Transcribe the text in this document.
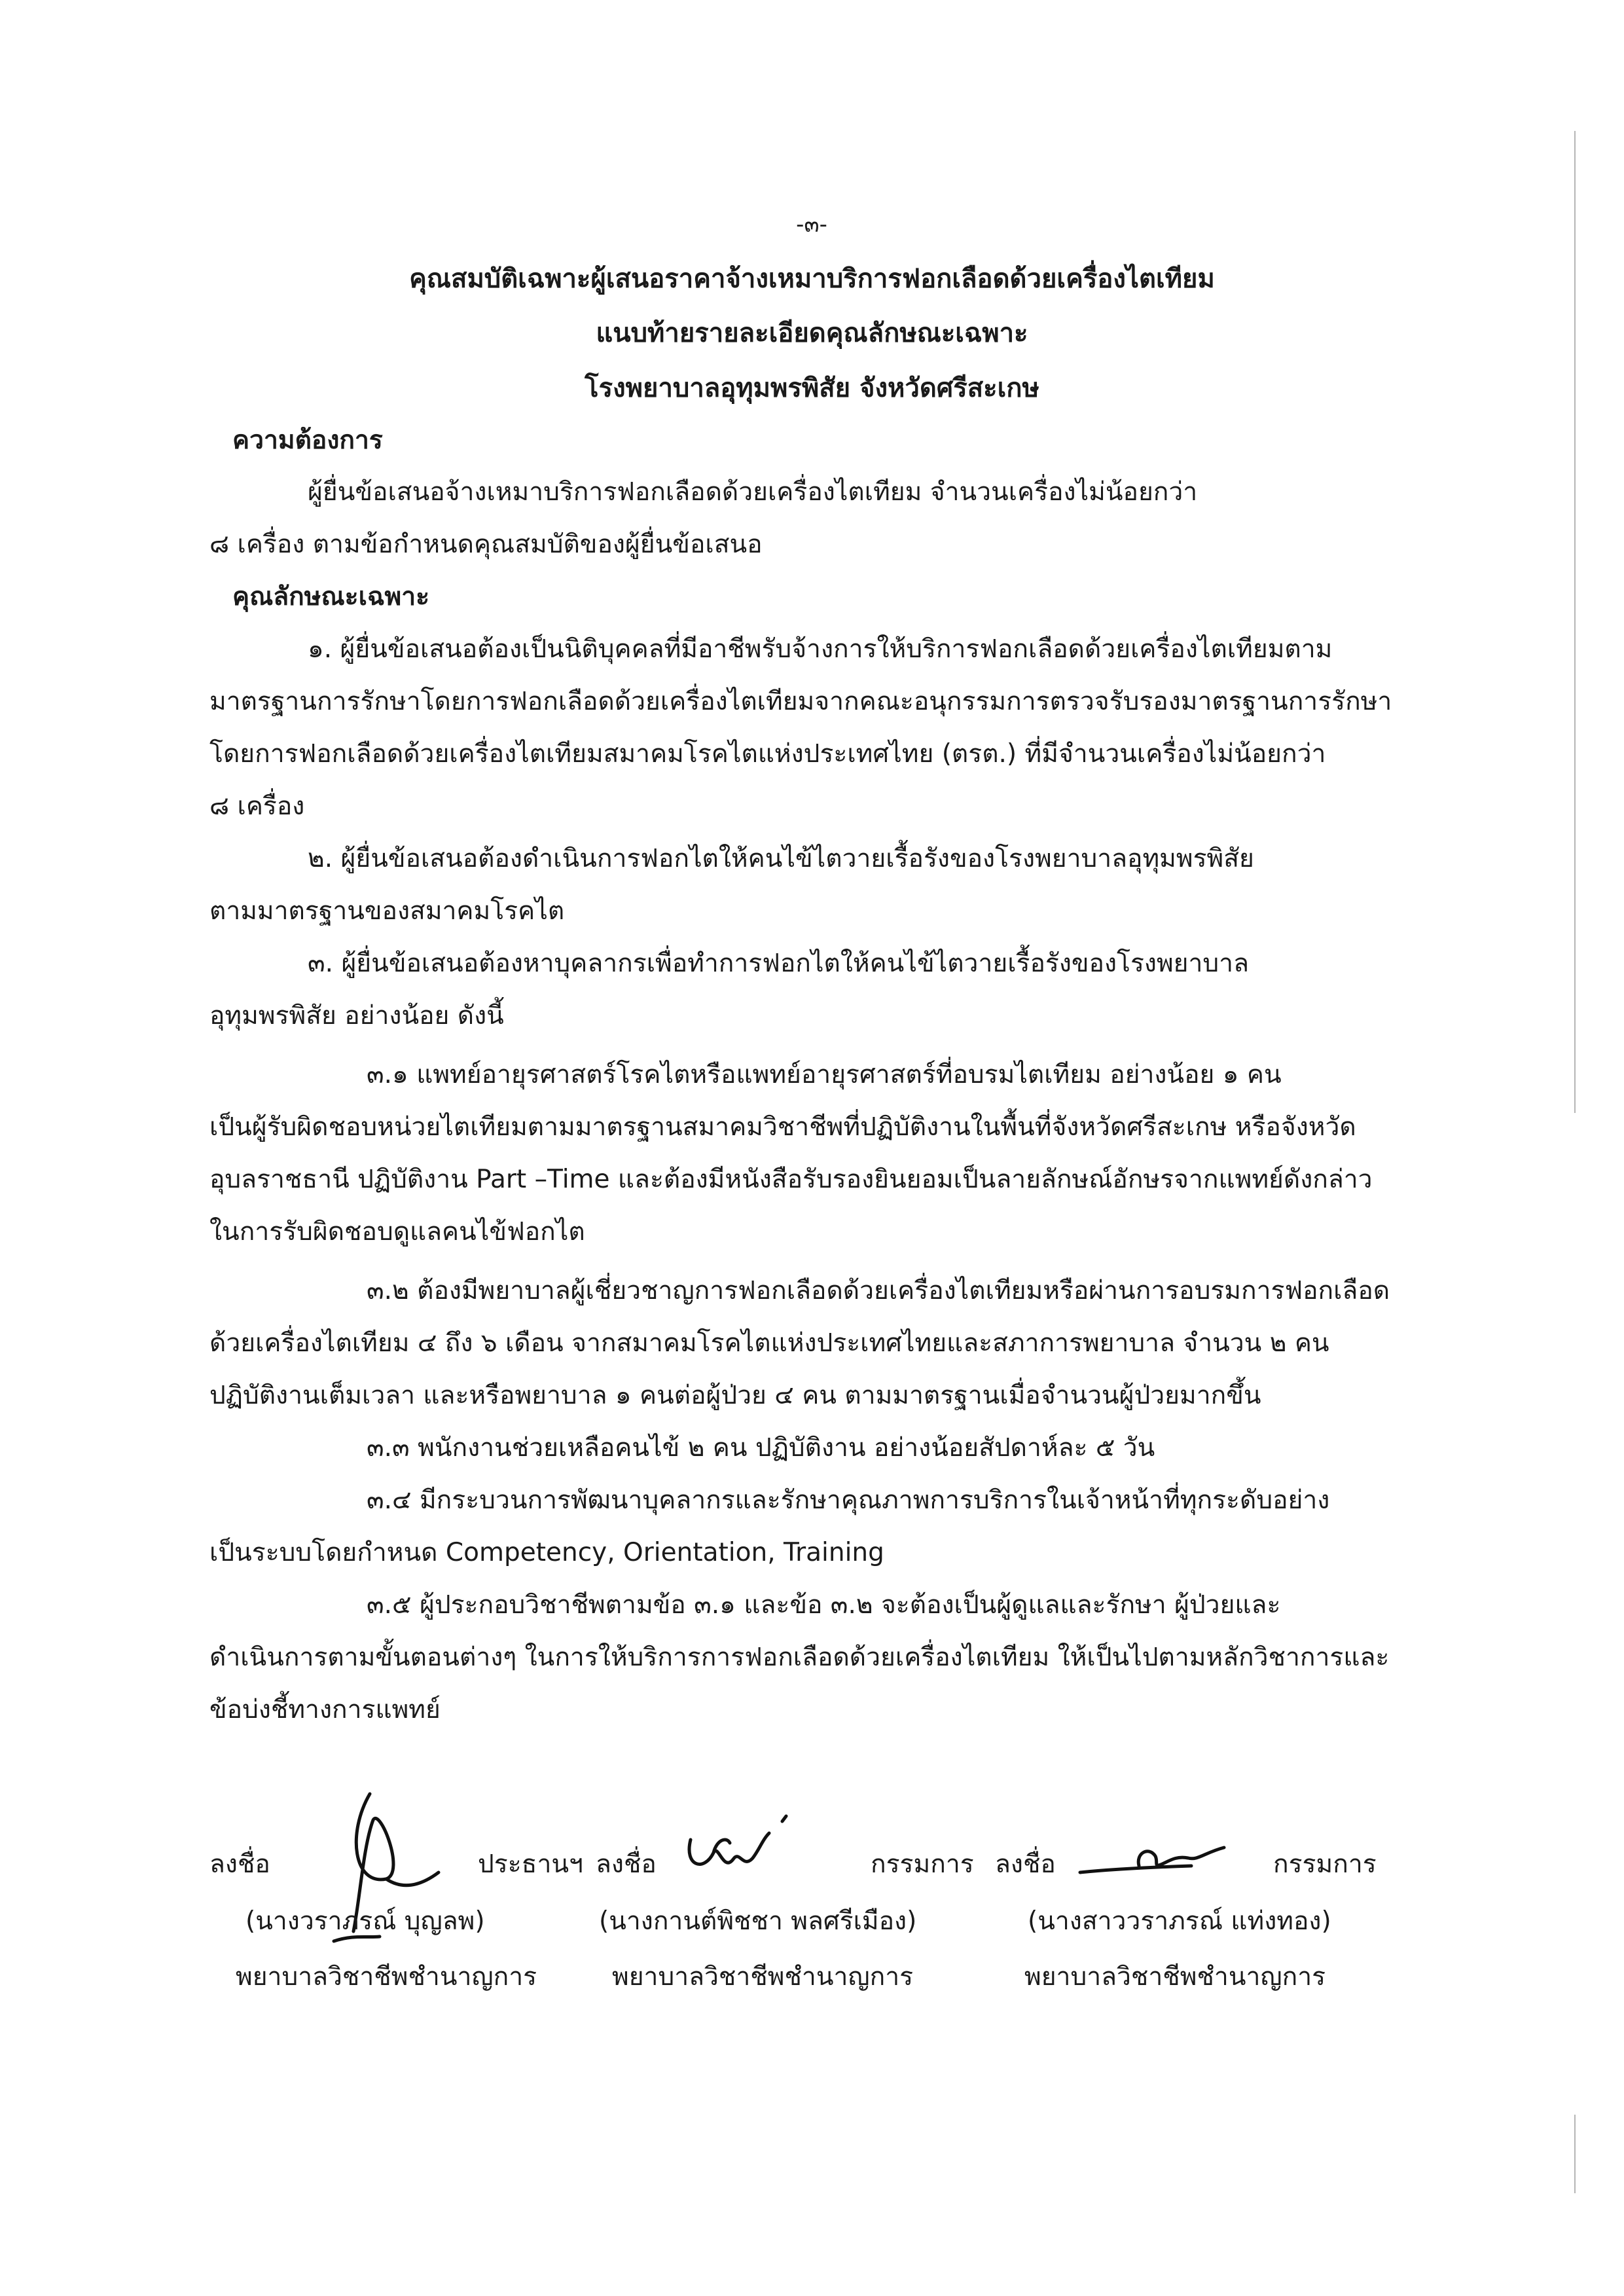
-๓-
คุณสมบัติเฉพาะผู้เสนอราคาจ้างเหมาบริการฟอกเลือดด้วยเครื่องไตเทียม
แนบท้ายรายละเอียดคุณลักษณะเฉพาะ
โรงพยาบาลอุทุมพรพิสัย จังหวัดศรีสะเกษ
ความต้องการ
ผู้ยื่นข้อเสนอจ้างเหมาบริการฟอกเลือดด้วยเครื่องไตเทียม จำนวนเครื่องไม่น้อยกว่า
๘ เครื่อง ตามข้อกำหนดคุณสมบัติของผู้ยื่นข้อเสนอ
คุณลักษณะเฉพาะ
๑. ผู้ยื่นข้อเสนอต้องเป็นนิติบุคคลที่มีอาชีพรับจ้างการให้บริการฟอกเลือดด้วยเครื่องไตเทียมตาม
มาตรฐานการรักษาโดยการฟอกเลือดด้วยเครื่องไตเทียมจากคณะอนุกรรมการตรวจรับรองมาตรฐานการรักษา
โดยการฟอกเลือดด้วยเครื่องไตเทียมสมาคมโรคไตแห่งประเทศไทย (ตรต.) ที่มีจำนวนเครื่องไม่น้อยกว่า
๘ เครื่อง
๒. ผู้ยื่นข้อเสนอต้องดำเนินการฟอกไตให้คนไข้ไตวายเรื้อรังของโรงพยาบาลอุทุมพรพิสัย
ตามมาตรฐานของสมาคมโรคไต
๓. ผู้ยื่นข้อเสนอต้องหาบุคลากรเพื่อทำการฟอกไตให้คนไข้ไตวายเรื้อรังของโรงพยาบาล
อุทุมพรพิสัย อย่างน้อย ดังนี้
๓.๑ แพทย์อายุรศาสตร์โรคไตหรือแพทย์อายุรศาสตร์ที่อบรมไตเทียม อย่างน้อย ๑ คน
เป็นผู้รับผิดชอบหน่วยไตเทียมตามมาตรฐานสมาคมวิชาชีพที่ปฏิบัติงานในพื้นที่จังหวัดศรีสะเกษ หรือจังหวัด
อุบลราชธานี ปฏิบัติงาน Part –Time และต้องมีหนังสือรับรองยินยอมเป็นลายลักษณ์อักษรจากแพทย์ดังกล่าว
ในการรับผิดชอบดูแลคนไข้ฟอกไต
๓.๒ ต้องมีพยาบาลผู้เชี่ยวชาญการฟอกเลือดด้วยเครื่องไตเทียมหรือผ่านการอบรมการฟอกเลือด
ด้วยเครื่องไตเทียม ๔ ถึง ๖ เดือน จากสมาคมโรคไตแห่งประเทศไทยและสภาการพยาบาล จำนวน ๒ คน
ปฏิบัติงานเต็มเวลา และหรือพยาบาล ๑ คนต่อผู้ป่วย ๔ คน ตามมาตรฐานเมื่อจำนวนผู้ป่วยมากขึ้น
๓.๓ พนักงานช่วยเหลือคนไข้ ๒ คน ปฏิบัติงาน อย่างน้อยสัปดาห์ละ ๕ วัน
๓.๔ มีกระบวนการพัฒนาบุคลากรและรักษาคุณภาพการบริการในเจ้าหน้าที่ทุกระดับอย่าง
เป็นระบบโดยกำหนด Competency, Orientation, Training
๓.๕ ผู้ประกอบวิชาชีพตามข้อ ๓.๑ และข้อ ๓.๒ จะต้องเป็นผู้ดูแลและรักษา ผู้ป่วยและ
ดำเนินการตามขั้นตอนต่างๆ ในการให้บริการการฟอกเลือดด้วยเครื่องไตเทียม ให้เป็นไปตามหลักวิชาการและ
ข้อบ่งชี้ทางการแพทย์
ลงชื่อ	ประธานฯ
(นางวราภรณ์ บุญลพ)
พยาบาลวิชาชีพชำนาญการ
ลงชื่อ	กรรมการ
(นางกานต์พิชชา พลศรีเมือง)
พยาบาลวิชาชีพชำนาญการ
ลงชื่อ	กรรมการ
(นางสาววราภรณ์ แท่งทอง)
พยาบาลวิชาชีพชำนาญการ
